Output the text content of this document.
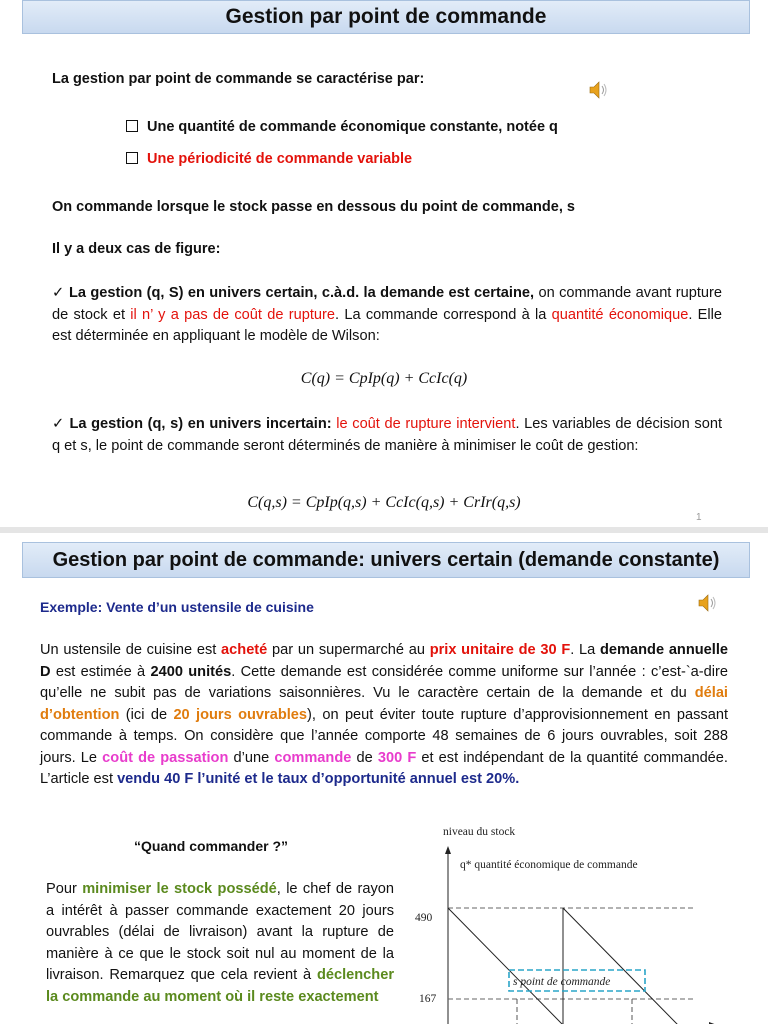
Gestion par point de commande
La gestion par point de commande se caractérise par:
Une quantité de commande économique constante, notée q
Une périodicité de commande variable
On commande lorsque le stock passe en dessous du point de commande, s
Il y a deux cas de figure:
✓ La gestion (q, S) en univers certain, c.à.d. la demande est certaine, on commande avant rupture de stock et il n’ y a pas de coût de rupture. La commande correspond à la quantité économique. Elle est déterminée en appliquant le modèle de Wilson:
C(q) = CpIp(q) + CcIc(q)
✓ La gestion (q, s) en univers incertain: le coût de rupture intervient. Les variables de décision sont q et s, le point de commande seront déterminés de manière à minimiser le coût de gestion:
C(q,s) = CpIp(q,s) + CcIc(q,s) + CrIr(q,s)
1
Gestion par point de commande: univers certain (demande constante)
Exemple: Vente d’un ustensile de cuisine
Un ustensile de cuisine est acheté par un supermarché au prix unitaire de 30 F. La demande annuelle D est estimée à 2400 unités. Cette demande est considérée comme uniforme sur l’année : c’est-`a-dire qu’elle ne subit pas de variations saisonnières. Vu le caractère certain de la demande et du délai d’obtention (ici de 20 jours ouvrables), on peut éviter toute rupture d’approvisionnement en passant commande à temps. On considère que l’année comporte 48 semaines de 6 jours ouvrables, soit 288 jours. Le coût de passation d’une commande de 300 F et est indépendant de la quantité commandée. L’article est vendu 40 F l’unité et le taux d’opportunité annuel est 20%.
“Quand commander ?”
Pour minimiser le stock possédé, le chef de rayon a intérêt à passer commande exactement 20 jours ouvrables (délai de livraison) avant la rupture de manière à ce que le stock soit nul au moment de la livraison. Remarquez que cela revient à déclencher la commande au moment où il reste exactement
niveau du stock
q* quantité économique de commande
490
167
s point de commande
